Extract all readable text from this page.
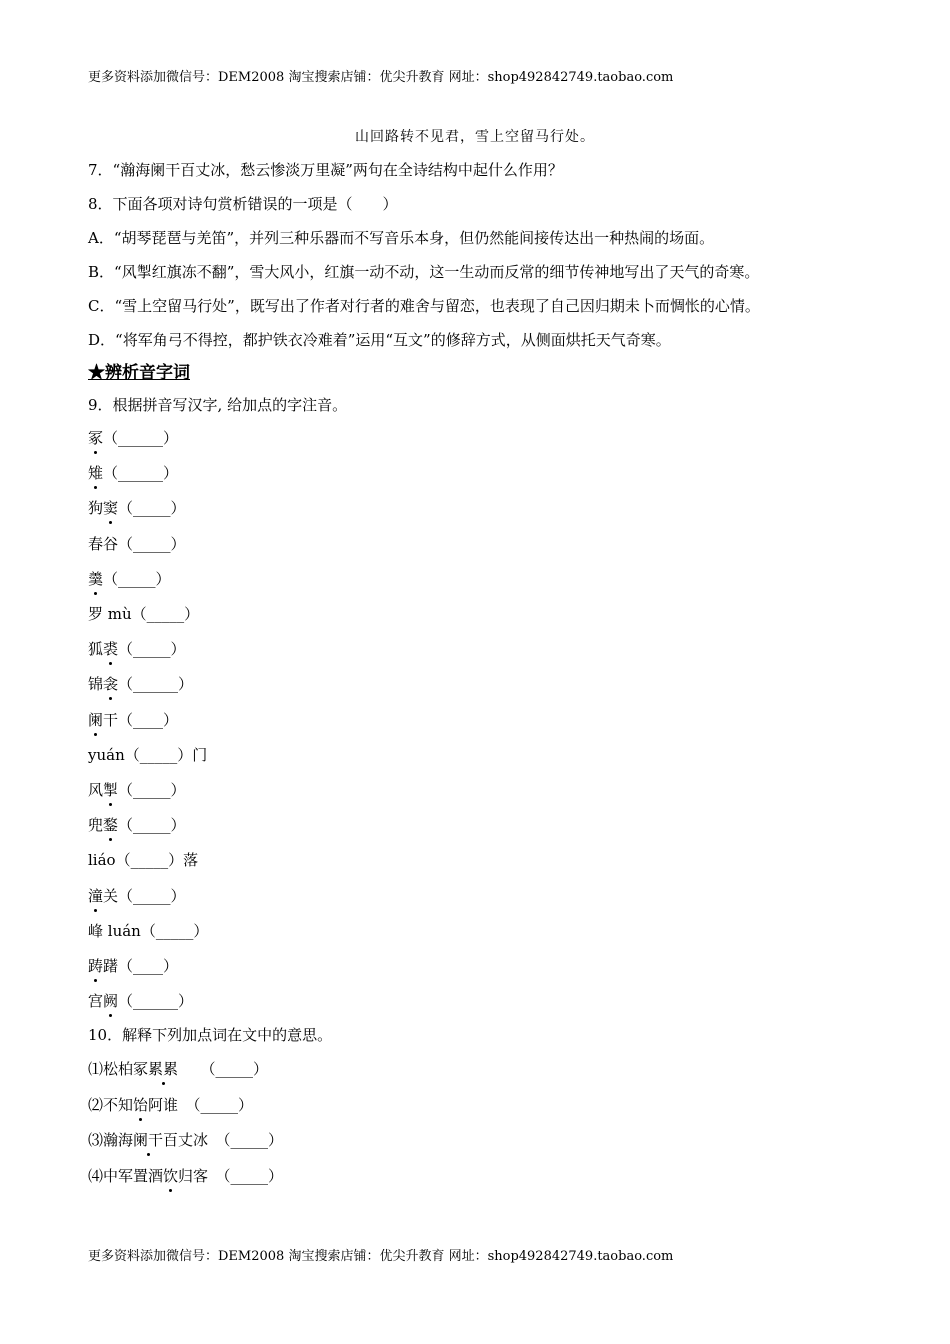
更多资料添加微信号：DEM2008 淘宝搜索店铺：优尖升教育 网址：shop492842749.taobao.com
山回路转不见君，雪上空留马行处。
7．“瀚海阑干百丈冰，愁云惨淡万里凝”两句在全诗结构中起什么作用？
8．下面各项对诗句赏析错误的一项是（　　）
A．“胡琴琵琶与羌笛”，并列三种乐器而不写音乐本身，但仍然能间接传达出一种热闹的场面。
B．“风掣红旗冻不翻”，雪大风小，红旗一动不动，这一生动而反常的细节传神地写出了天气的奇寒。
C．“雪上空留马行处”，既写出了作者对行者的难舍与留恋，也表现了自己因归期未卜而惆怅的心情。
D．“将军角弓不得控，都护铁衣冷难着”运用“互文”的修辞方式，从侧面烘托天气奇寒。
★辨析音字词
9．根据拼音写汉字, 给加点的字注音。
冢（______）
雉（______）
狗窦（_____）
春谷（_____）
羹（_____）
罗 mù（_____）
狐裘（_____）
锦衾（______）
阑干（____）
yuán（_____）门
风掣（_____）
兜鍪（_____）
liáo（_____）落
潼关（_____）
峰 luán（_____）
踌躇（____）
宫阙（______）
10．解释下列加点词在文中的意思。
⑴松柏冢累累　　（_____）
⑵不知饴阿谁　（_____）
⑶瀚海阑干百丈冰　（_____）
⑷中军置酒饮归客　（_____）
更多资料添加微信号：DEM2008 淘宝搜索店铺：优尖升教育 网址：shop492842749.taobao.com
